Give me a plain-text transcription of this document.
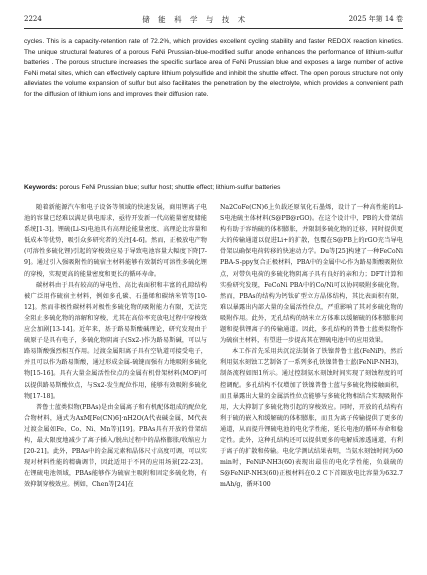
2224	储 能 科 学 与 技 术	2025 年第 14 卷
cycles. This is a capacity-retention rate of 72.2%, which provides excellent cycling stability and faster REDOX reaction kinetics. The unique structural features of a porous FeNi Prussian-blue-modified sulfur anode enhances the performance of lithium-sulfur batteries . The porous structure increases the specific surface area of FeNi Prussian blue and exposes a large number of active FeNi metal sites, which can effectively capture lithium polysulfide and inhibit the shuttle effect. The open porous structure not only alleviates the volume expansion of sulfur but also facilitates the penetration by the electrolyte, which provides a convenient path for the diffusion of lithium ions and improves their diffusion rate.
Keywords: porous FeNi Prussian blue; sulfur host; shuttle effect; lithium-sulfur batteries

随着新能源汽车和电子设备等领域的快速发展，商用锂离子电池的容量已经难以满足供电需求，亟待开发新一代高能量密度储能系统[1-3]。锂硫(Li-S)电池具有高理论能量密度、高理论比容量和低成本等优势，吸引众多研究者的关注[4-6]。然而，正极放电产物(可溶性多硫化锂)引起的穿梭效应易于导致电池容量大幅度下降[7-9]。通过引入强吸附性的硫宿主材料能够有效制约可溶性多硫化锂的穿梭，实现更高的能量密度和更长的循环寿命。

碳材料由于具有较高的导电性、高比表面积和丰富的孔隙结构被广泛用作硫宿主材料，例如多孔碳、石墨烯和碳纳米管等[10-12]。然而非极性碳材料对极性多硫化物的吸附能力有限，无法完全阻止多硫化物的溶解和穿梭，尤其在高倍率充放电过程中穿梭效应会加剧[13-14]。近年来，基于路易斯酸碱理论，研究发现由于硫原子是具有电子，多硫化物阴离子(Sx2-)作为路易斯碱，可以与路易斯酸强烈相互作用。过渡金属阳离子具有空轨道可接受电子，并且可以作为路易斯酸，通过形成金属-硫键而强有力地吸附多硫化物[15-16]。具有大量金属活性位点的金属有机骨架材料(MOF)可以提供路易斯酸位点，与Sx2-发生配位作用，能够有效吸附多硫化物[17-18]。

普鲁士蓝类似物(PBAs)是由金属离子和有机配体组成的配位化合物材料，通式为AxM[Fe(CN)6]·nH2O(A代表碱金属，M代表过渡金属如Fe、Co、Ni、Mn等)[19]。PBAs具有开放的骨架结构，最大限度地减少了离子插入/脱出过程中的晶格膨胀/收缩应力[20-21]。此外，PBAs中的金属元素和晶体尺寸高度可调，可以实现对材料性能的精确调节，因此适用于不同的应用场景[22-23]。在锂硫电池领域，PBAs能够作为硫宿主吸附和固定多硫化物，有效抑制穿梭效应。例如，Chen等[24]在

Na2CoFe(CN)6上负载还原氧化石墨烯，设计了一种高性能的Li-S电池硫主体材料(S@PB@rGO)。在这个设计中，PB的大骨架结构有助于容纳硫的体积膨胀，并限制多硫化物的迁移，同时提供更大的传输通道以促进Li+的扩散，包覆在S@PB上的rGO充当导电骨架以确保电荷转移的快速动力学。Du等[25]构建了一种FeCoNi PBA-S-ppy复合正极材料，PBA中的金属中心作为路易斯酸吸附位点，对带负电荷的多硫化物阴离子具有良好的亲和力；DFT计算和实验研究发现，FeCoNi PBA中的Co/Ni可以协同吸附多硫化物。然而，PBAs的结构为钙钛矿型立方晶体结构，其比表面积有限，难以暴露出内部大量的金属活性位点，严重影响了其对多硫化物的吸附作用。此外，无孔结构的纳米立方体难以缓解硫的体积膨胀问题和提供锂离子的传输通道。因此，多孔结构的普鲁士蓝类似物作为硫宿主材料，有望进一步提高其在锂硫电池中的应用效果。

本工作首先采用共沉淀法制备了铁镍普鲁士蓝(FeNiP)，然后利用氨水刻蚀工艺制备了一系列多孔铁镍普鲁士蓝(FeNiP-NH3)，制备流程如图1所示。通过控制氨水刻蚀时间实现了刻蚀程度的可控调配。多孔结构不仅增加了铁镍普鲁士蓝与多硫化物接触面积，而且暴露出大量的金属活性位点能够与多硫化物相结合实现吸附作用，大大抑制了多硫化物引起的穿梭效应。同时，开放的孔结构有利于硫的嵌入和缓解硫的体积膨胀，而且为离子传输提供了更多的通道，从而提升锂硫电池的电化学性能，延长电池的循环寿命和稳定性。此外，这种孔结构还可以提供更多的电解质渗透通道，有利于离子的扩散和传输。电化学测试结果表明，当氨水刻蚀时间为60 min时，FeNiP-NH3(60)表现出最佳的电化学性能，负载硫的S@FeNiP-NH3(60)正极材料在0.2 C下首圈放电比容量为632.7 mAh/g，循环100
